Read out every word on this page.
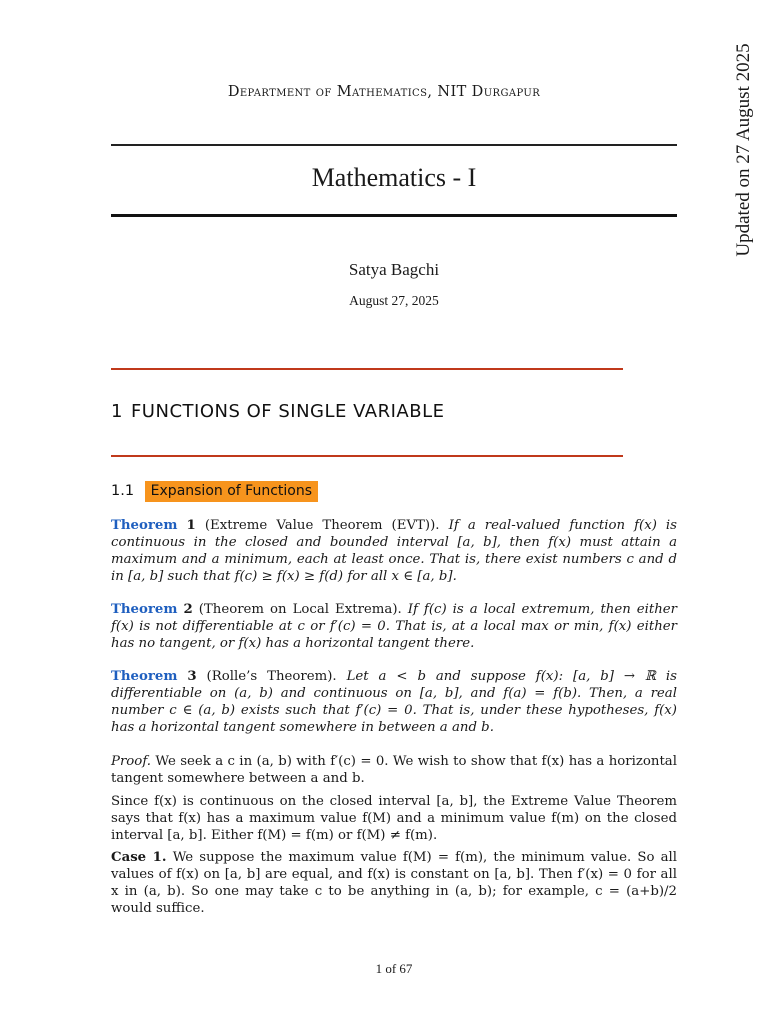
Department of Mathematics, NIT Durgapur
Mathematics - I
Satya Bagchi
August 27, 2025
Updated on 27 August 2025
1 FUNCTIONS OF SINGLE VARIABLE
1.1 Expansion of Functions
Theorem 1 (Extreme Value Theorem (EVT)). If a real-valued function f(x) is continuous in the closed and bounded interval [a, b], then f(x) must attain a maximum and a minimum, each at least once. That is, there exist numbers c and d in [a, b] such that f(c) ≥ f(x) ≥ f(d) for all x ∈ [a, b].
Theorem 2 (Theorem on Local Extrema). If f(c) is a local extremum, then either f(x) is not differentiable at c or f′(c) = 0. That is, at a local max or min, f(x) either has no tangent, or f(x) has a horizontal tangent there.
Theorem 3 (Rolle’s Theorem). Let a < b and suppose f(x): [a, b] → ℝ is differentiable on (a, b) and continuous on [a, b], and f(a) = f(b). Then, a real number c ∈ (a, b) exists such that f′(c) = 0. That is, under these hypotheses, f(x) has a horizontal tangent somewhere in between a and b.
Proof. We seek a c in (a, b) with f′(c) = 0. We wish to show that f(x) has a horizontal tangent somewhere between a and b.
Since f(x) is continuous on the closed interval [a, b], the Extreme Value Theorem says that f(x) has a maximum value f(M) and a minimum value f(m) on the closed interval [a, b]. Either f(M) = f(m) or f(M) ≠ f(m).
Case 1. We suppose the maximum value f(M) = f(m), the minimum value. So all values of f(x) on [a, b] are equal, and f(x) is constant on [a, b]. Then f′(x) = 0 for all x in (a, b). So one may take c to be anything in (a, b); for example, c = (a+b)/2 would suffice.
1 of 67
